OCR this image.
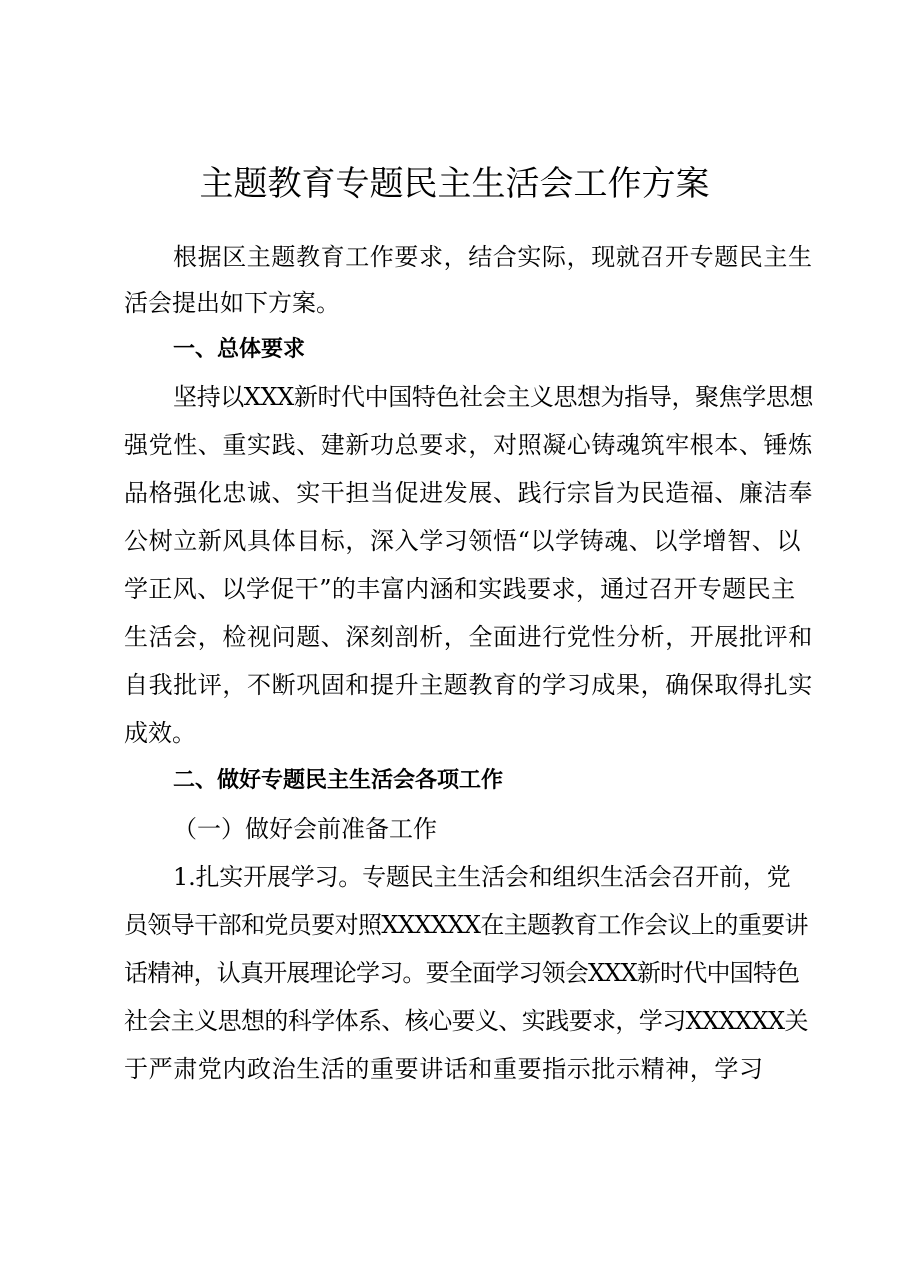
主题教育专题民主生活会工作方案
根据区主题教育工作要求，结合实际，现就召开专题民主生
活会提出如下方案。
一、总体要求
坚持以XXX新时代中国特色社会主义思想为指导，聚焦学思想
强党性、重实践、建新功总要求，对照凝心铸魂筑牢根本、锤炼
品格强化忠诚、实干担当促进发展、践行宗旨为民造福、廉洁奉
公树立新风具体目标，深入学习领悟“以学铸魂、以学增智、以
学正风、以学促干”的丰富内涵和实践要求，通过召开专题民主
生活会，检视问题、深刻剖析，全面进行党性分析，开展批评和
自我批评，不断巩固和提升主题教育的学习成果，确保取得扎实
成效。
二、做好专题民主生活会各项工作
（一）做好会前准备工作
1.扎实开展学习。专题民主生活会和组织生活会召开前，党
员领导干部和党员要对照XXXXXX在主题教育工作会议上的重要讲
话精神，认真开展理论学习。要全面学习领会XXX新时代中国特色
社会主义思想的科学体系、核心要义、实践要求，学习XXXXXX关
于严肃党内政治生活的重要讲话和重要指示批示精神，学习
